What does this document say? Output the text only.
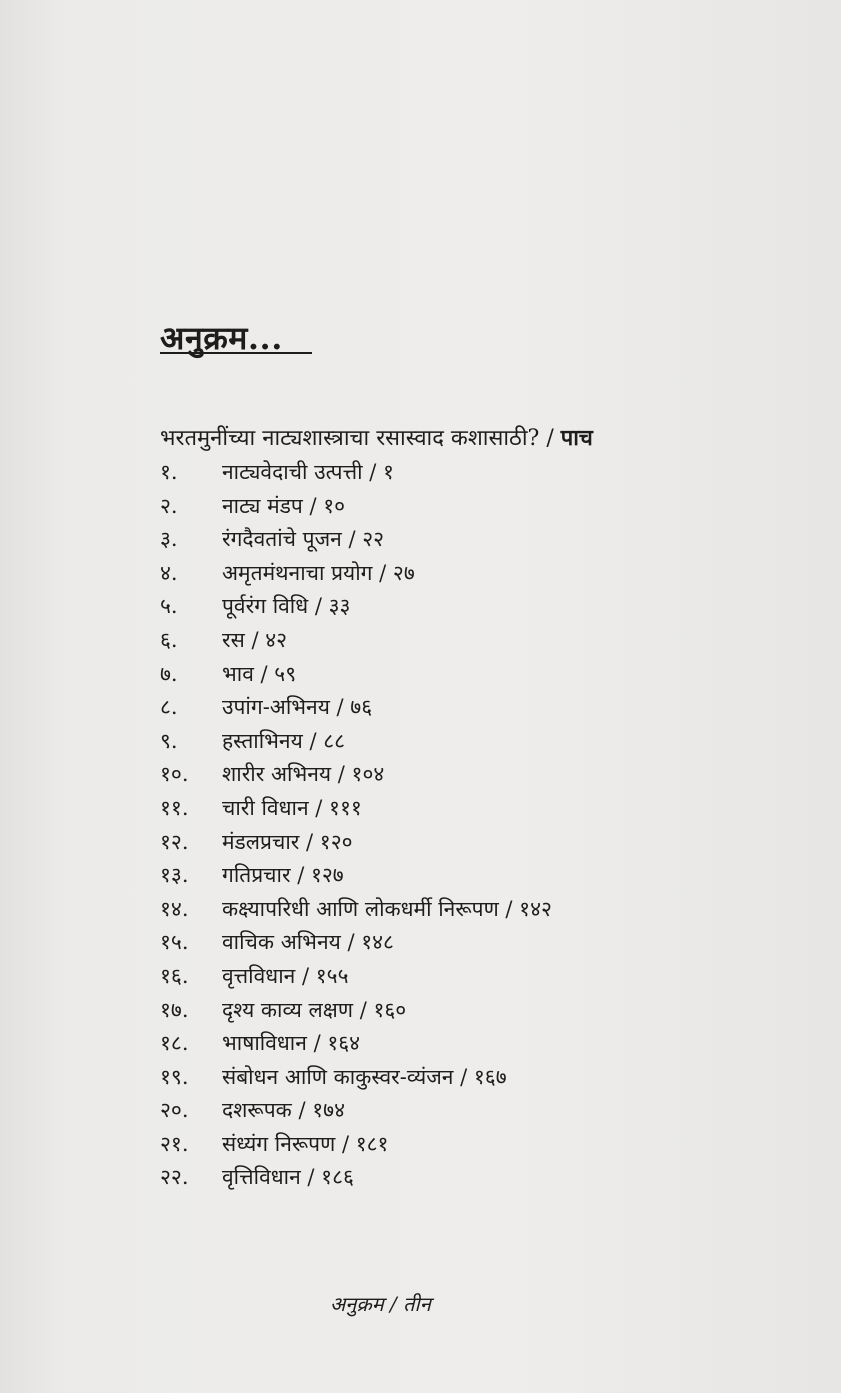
अनुक्रम...
भरतमुनींच्या नाट्यशास्त्राचा रसास्वाद कशासाठी? / पाच
१. नाट्यवेदाची उत्पत्ती / १
२. नाट्य मंडप / १०
३. रंगदैवतांचे पूजन / २२
४. अमृतमंथनाचा प्रयोग / २७
५. पूर्वरंग विधि / ३३
६. रस / ४२
७. भाव / ५९
८. उपांग-अभिनय / ७६
९. हस्ताभिनय / ८८
१०. शारीर अभिनय / १०४
११. चारी विधान / १११
१२. मंडलप्रचार / १२०
१३. गतिप्रचार / १२७
१४. कक्ष्यापरिधी आणि लोकधर्मी निरूपण / १४२
१५. वाचिक अभिनय / १४८
१६. वृत्तविधान / १५५
१७. दृश्य काव्य लक्षण / १६०
१८. भाषाविधान / १६४
१९. संबोधन आणि काकुस्वर-व्यंजन / १६७
२०. दशरूपक / १७४
२१. संध्यंग निरूपण / १८१
२२. वृत्तिविधान / १८६
अनुक्रम / तीन
